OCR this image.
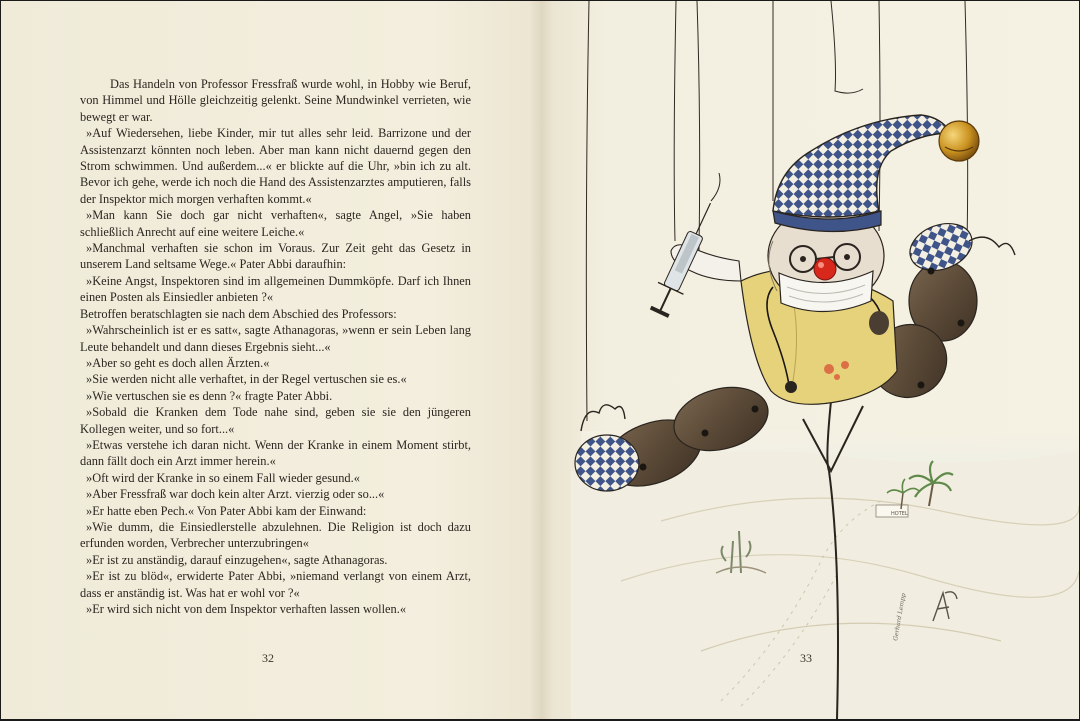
Das Handeln von Professor Fressfraß wurde wohl, in Hobby wie Beruf, von Himmel und Hölle gleichzeitig gelenkt. Seine Mundwinkel verrieten, wie bewegt er war.

»Auf Wiedersehen, liebe Kinder, mir tut alles sehr leid. Barrizone und der Assistenzarzt könnten noch leben. Aber man kann nicht dauernd gegen den Strom schwimmen. Und außerdem...« er blickte auf die Uhr, »bin ich zu alt. Bevor ich gehe, werde ich noch die Hand des Assistenzarztes amputieren, falls der Inspektor mich morgen verhaften kommt.«

»Man kann Sie doch gar nicht verhaften«, sagte Angel, »Sie haben schließlich Anrecht auf eine weitere Leiche.«

»Manchmal verhaften sie schon im Voraus. Zur Zeit geht das Gesetz in unserem Land seltsame Wege.« Pater Abbi daraufhin:

»Keine Angst, Inspektoren sind im allgemeinen Dummköpfe. Darf ich Ihnen einen Posten als Einsiedler anbieten ?«

Betroffen beratschlagten sie nach dem Abschied des Professors:

»Wahrscheinlich ist er es satt«, sagte Athanagoras, »wenn er sein Leben lang Leute behandelt und dann dieses Ergebnis sieht...«

»Aber so geht es doch allen Ärzten.«

»Sie werden nicht alle verhaftet, in der Regel vertuschen sie es.«

»Wie vertuschen sie es denn ?« fragte Pater Abbi.

»Sobald die Kranken dem Tode nahe sind, geben sie sie den jüngeren Kollegen weiter, und so fort...«

»Etwas verstehe ich daran nicht. Wenn der Kranke in einem Moment stirbt, dann fällt doch ein Arzt immer herein.«

»Oft wird der Kranke in so einem Fall wieder gesund.«

»Aber Fressfraß war doch kein alter Arzt. vierzig oder so...«

»Er hatte eben Pech.« Von Pater Abbi kam der Einwand:

»Wie dumm, die Einsiedlerstelle abzulehnen. Die Religion ist doch dazu erfunden worden, Verbrecher unterzubringen«

»Er ist zu anständig, darauf einzugehen«, sagte Athanagoras.

»Er ist zu blöd«, erwiderte Pater Abbi, »niemand verlangt von einem Arzt, dass er anständig ist. Was hat er wohl vor ?«

»Er wird sich nicht von dem Inspektor verhaften lassen wollen.«

32
HOTEL
Gerhard Lempp
33
